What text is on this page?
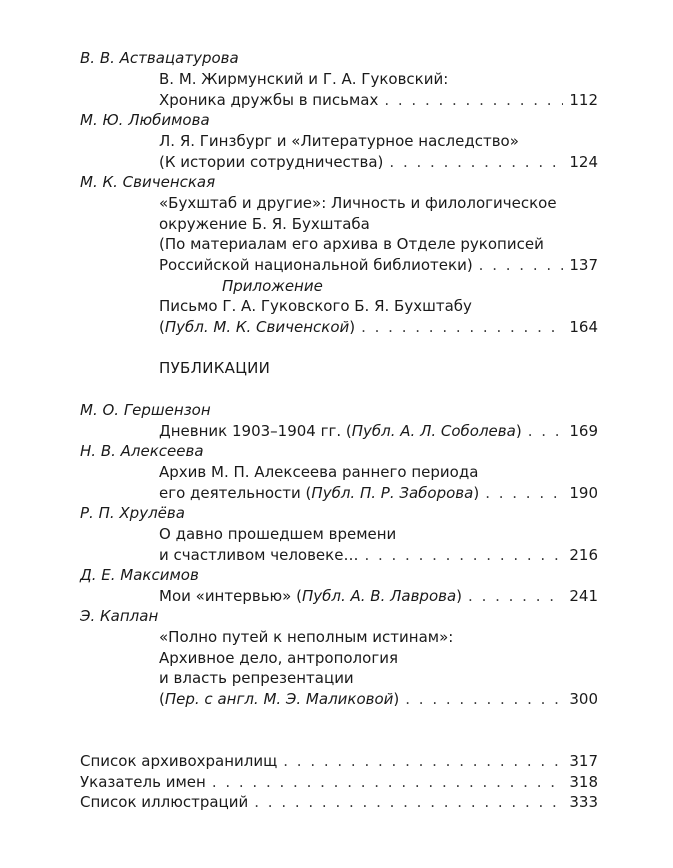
В. В. Аствацатурова
В. М. Жирмунский и Г. А. Гуковский:
Хроника дружбы в письмах . . .	112
М. Ю. Любимова
Л. Я. Гинзбург и «Литературное наследство»
(К истории сотрудничества) . . .	124
М. К. Свиченская
«Бухштаб и другие»: Личность и филологическое
окружение Б. Я. Бухштаба
(По материалам его архива в Отделе рукописей
Российской национальной библиотеки) . . .	137
Приложение
Письмо Г. А. Гуковского Б. Я. Бухштабу
(Публ. М. К. Свиченской) . . .	164
ПУБЛИКАЦИИ
М. О. Гершензон
Дневник 1903–1904 гг. (Публ. А. Л. Соболева) . . .	169
Н. В. Алексеева
Архив М. П. Алексеева раннего периода
его деятельности (Публ. П. Р. Заборова) . . .	190
Р. П. Хрулёва
О давно прошедшем времени
и счастливом человеке… . . .	216
Д. Е. Максимов
Мои «интервью» (Публ. А. В. Лаврова) . . .	241
Э. Каплан
«Полно путей к неполным истинам»:
Архивное дело, антропология
и власть репрезентации
(Пер. с англ. М. Э. Маликовой) . . .	300
Список архивохранилищ . . .	317
Указатель имен . . .	318
Список иллюстраций . . .	333
